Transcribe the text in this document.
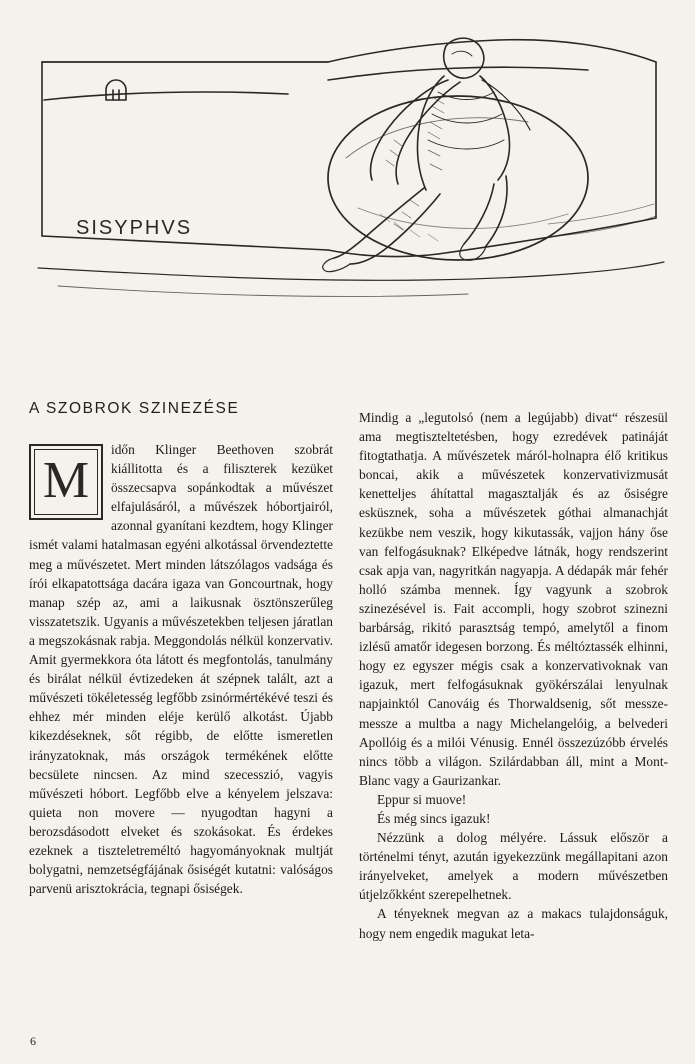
SISYPHVS
A SZOBROK SZINEZÉSE
M

időn Klinger Beethoven szobrát kiállitotta és a filiszterek kezüket összecsapva sopánkodtak a művészet elfajulásáról, a művészek hóbortjairól, azonnal gyanítani kezdtem, hogy Klinger ismét valami hatalmasan egyéni alkotással örvendeztette meg a művészetet. Mert minden látszólagos vadsága és írói elkapatottsága dacára igaza van Goncourtnak, hogy manap szép az, ami a laikusnak ösztönszerűleg visszatetszik. Ugyanis a művészetekben teljesen járatlan a megszokásnak rabja. Meggondolás nélkül konzervativ. Amit gyermekkora óta látott és megfontolás, tanulmány és birálat nélkül évtizedeken át szépnek talált, azt a művészeti tökéletesség legfőbb zsinórmértékévé teszi és ehhez mér minden eléje kerülő alkotást. Újabb kikezdéseknek, sőt régibb, de előtte ismeretlen irányzatoknak, más országok termékének előtte becsülete nincsen. Az mind szecesszió, vagyis művészeti hóbort. Legfőbb elve a kényelem jelszava: quieta non movere — nyugodtan hagyni a berozsdásodott elveket és szokásokat. És érdekes ezeknek a tiszteletreméltó hagyományoknak multját bolygatni, nemzetségfájának ősiségét kutatni: valóságos parvenü arisztokrácia, tegnapi ősiségek.

Mindig a „legutolsó (nem a legújabb) divat“ részesül ama megtiszteltetésben, hogy ezredévek patináját fitogtathatja. A művészetek máról-holnapra élő kritikus boncai, akik a művészetek konzervativizmusát kenetteljes áhítattal magasztalják és az ősiségre esküsznek, soha a művészetek góthai almanachját kezükbe nem veszik, hogy kikutassák, vajjon hány őse van felfogásuknak? Elképedve látnák, hogy rendszerint csak apja van, nagyritkán nagyapja. A dédapák már fehér holló számba mennek. Így vagyunk a szobrok szinezésével is. Fait accompli, hogy szobrot szinezni barbárság, rikitó parasztság tempó, amelytől a finom izlésű amatőr idegesen borzong. És méltóztassék elhinni, hogy ez egyszer mégis csak a konzervativoknak van igazuk, mert felfogásuknak gyökérszálai lenyulnak napjainktól Canováig és Thorwaldsenig, sőt messze-messze a multba a nagy Michelangelóig, a belvederi Apollóig és a milói Vénusig. Ennél összezúzóbb érvelés nincs több a világon. Szilárdabban áll, mint a Mont-Blanc vagy a Gaurizankar.

Eppur si muove!

És még sincs igazuk!

Nézzünk a dolog mélyére. Lássuk először a történelmi tényt, azután igyekezzünk megállapitani azon irányelveket, amelyek a modern művészetben útjelzőkként szerepelhetnek.

A tényeknek megvan az a makacs tulajdonságuk, hogy nem engedik magukat leta-

6
